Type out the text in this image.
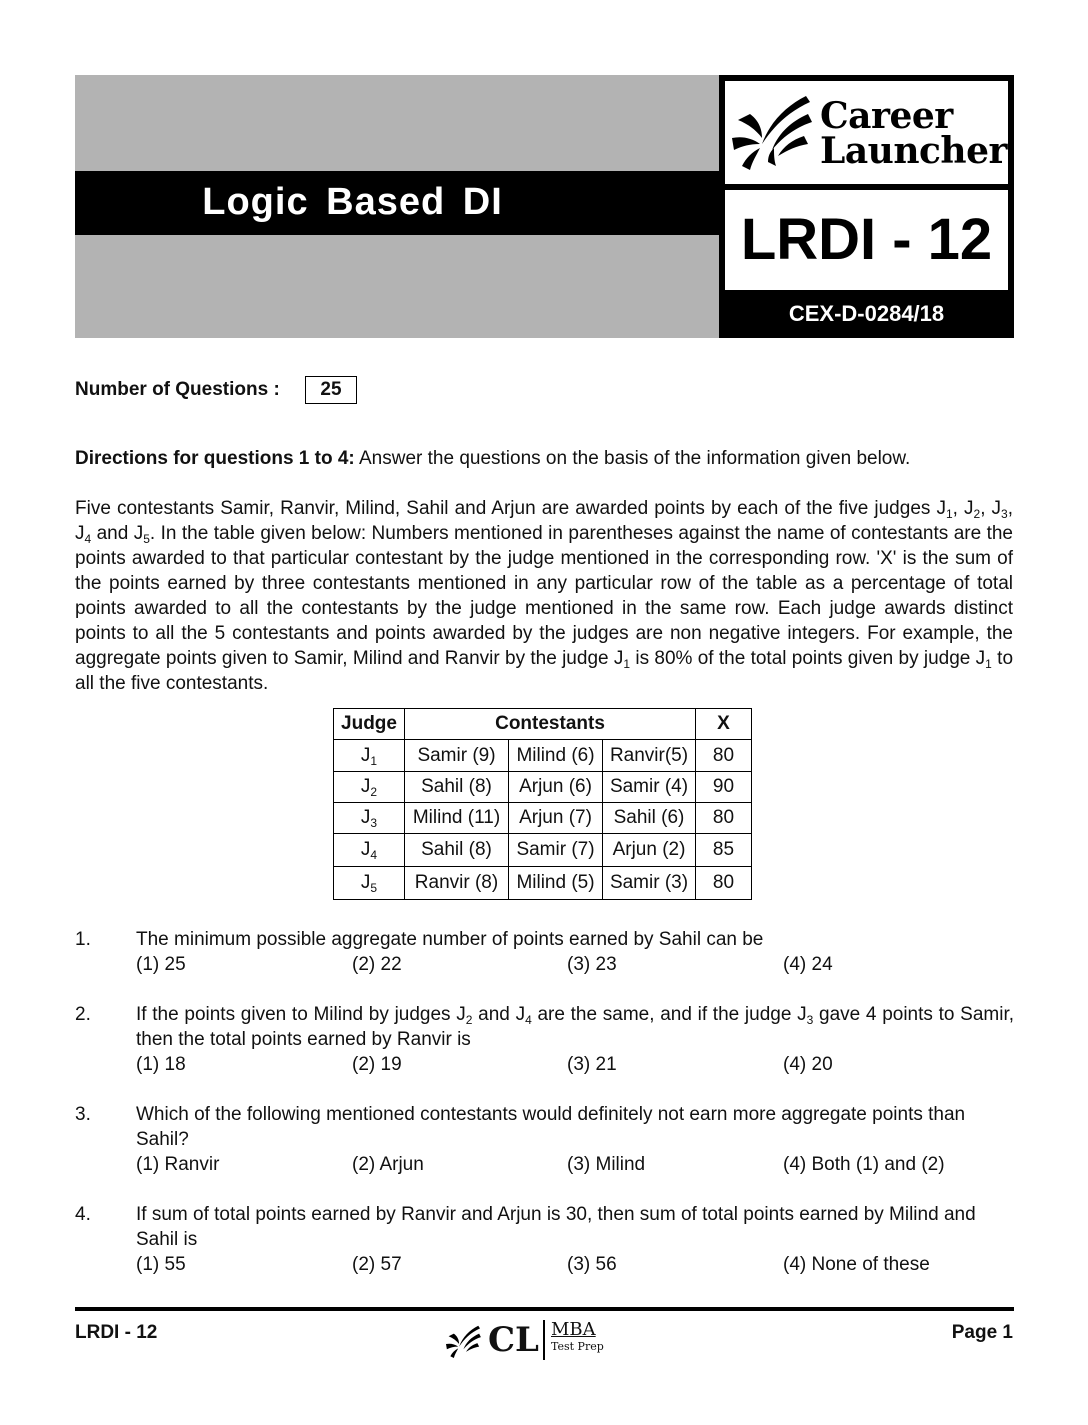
Logic Based DI
Career
Launcher
LRDI - 12
CEX-D-0284/18
Number of Questions :	25
Directions for questions 1 to 4: Answer the questions on the basis of the information given below.
Five contestants Samir, Ranvir, Milind, Sahil and Arjun are awarded points by each of the five judges $J_1$, $J_2$, $J_3$, $J_4$ and $J_5$. In the table given below: Numbers mentioned in parentheses against the name of contestants are the points awarded to that particular contestant by the judge mentioned in the corresponding row. 'X' is the sum of the points earned by three contestants mentioned in any particular row of the table as a percentage of total points awarded to all the contestants by the judge mentioned in the same row. Each judge awards distinct points to all the 5 contestants and points awarded by the judges are non negative integers. For example, the aggregate points given to Samir, Milind and Ranvir by the judge $J_1$ is 80% of the total points given by judge $J_1$ to all the five contestants.
Judge	Contestants			X
$J_1$	Samir (9)	Milind (6)	Ranvir(5)	80
$J_2$	Sahil (8)	Arjun (6)	Samir (4)	90
$J_3$	Milind (11)	Arjun (7)	Sahil (6)	80
$J_4$	Sahil (8)	Samir (7)	Arjun (2)	85
$J_5$	Ranvir (8)	Milind (5)	Samir (3)	80
1. The minimum possible aggregate number of points earned by Sahil can be
(1) 25	(2) 22	(3) 23	(4) 24
2. If the points given to Milind by judges $J_2$ and $J_4$ are the same, and if the judge $J_3$ gave 4 points to Samir, then the total points earned by Ranvir is
(1) 18	(2) 19	(3) 21	(4) 20
3. Which of the following mentioned contestants would definitely not earn more aggregate points than Sahil?
(1) Ranvir	(2) Arjun	(3) Milind	(4) Both (1) and (2)
4. If sum of total points earned by Ranvir and Arjun is 30, then sum of total points earned by Milind and Sahil is
(1) 55	(2) 57	(3) 56	(4) None of these
LRDI - 12	Page 1
CL MBA
Test Prep
